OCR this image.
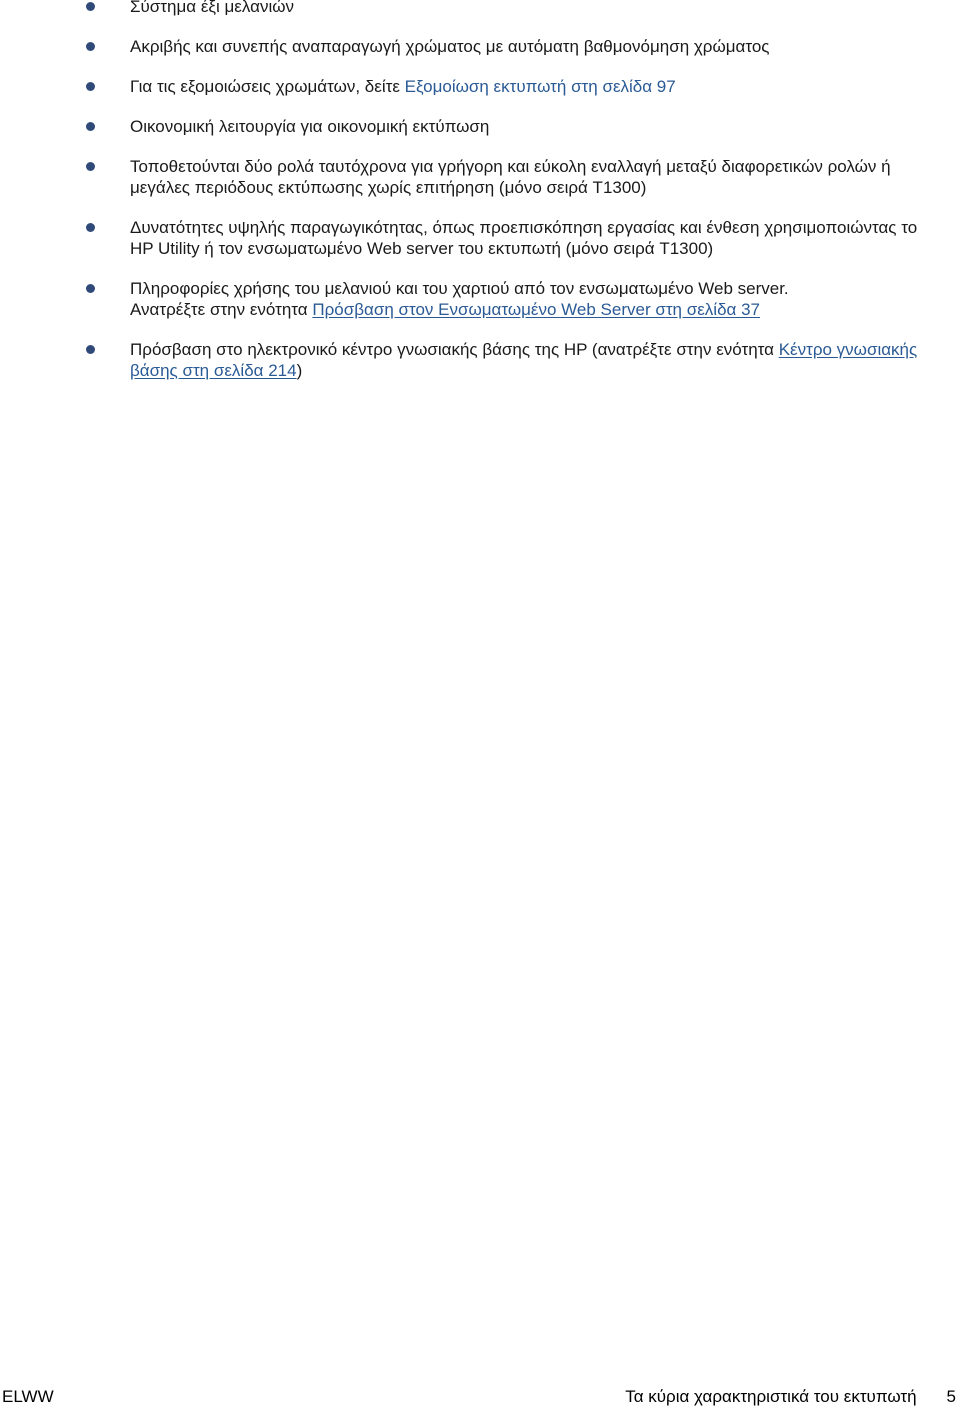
Σύστημα έξι μελανιών
Ακριβής και συνεπής αναπαραγωγή χρώματος με αυτόματη βαθμονόμηση χρώματος
Για τις εξομοιώσεις χρωμάτων, δείτε Εξομοίωση εκτυπωτή στη σελίδα 97
Οικονομική λειτουργία για οικονομική εκτύπωση
Τοποθετούνται δύο ρολά ταυτόχρονα για γρήγορη και εύκολη εναλλαγή μεταξύ διαφορετικών ρολών ή μεγάλες περιόδους εκτύπωσης χωρίς επιτήρηση (μόνο σειρά T1300)
Δυνατότητες υψηλής παραγωγικότητας, όπως προεπισκόπηση εργασίας και ένθεση χρησιμοποιώντας το HP Utility ή τον ενσωματωμένο Web server του εκτυπωτή (μόνο σειρά T1300)
Πληροφορίες χρήσης του μελανιού και του χαρτιού από τον ενσωματωμένο Web server.
Ανατρέξτε στην ενότητα Πρόσβαση στον Ενσωματωμένο Web Server στη σελίδα 37
Πρόσβαση στο ηλεκτρονικό κέντρο γνωσιακής βάσης της HP (ανατρέξτε στην ενότητα Κέντρο γνωσιακής βάσης στη σελίδα 214)
ELWW	Τα κύρια χαρακτηριστικά του εκτυπωτή 5
